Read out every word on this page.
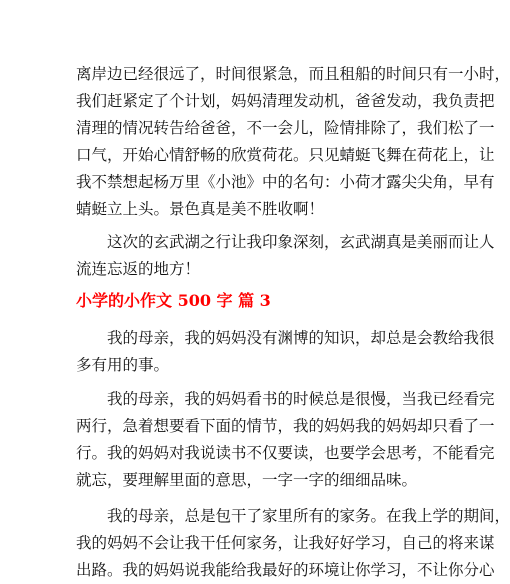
离岸边已经很远了，时间很紧急，而且租船的时间只有一小时，
我们赶紧定了个计划，妈妈清理发动机，爸爸发动，我负责把
清理的情况转告给爸爸，不一会儿，险情排除了，我们松了一
口气，开始心情舒畅的欣赏荷花。只见蜻蜓飞舞在荷花上，让
我不禁想起杨万里《小池》中的名句：小荷才露尖尖角，早有
蜻蜓立上头。景色真是美不胜收啊！
　　这次的玄武湖之行让我印象深刻，玄武湖真是美丽而让人
流连忘返的地方！
小学的小作文 500 字 篇 3
　　我的母亲，我的妈妈没有渊博的知识，却总是会教给我很
多有用的事。
　　我的母亲，我的妈妈看书的时候总是很慢，当我已经看完
两行，急着想要看下面的情节，我的妈妈我的妈妈却只看了一
行。我的妈妈对我说读书不仅要读，也要学会思考，不能看完
就忘，要理解里面的意思，一字一字的细细品味。
　　我的母亲，总是包干了家里所有的家务。在我上学的期间，
我的妈妈不会让我干任何家务，让我好好学习，自己的将来谋
出路。我的妈妈说我能给我最好的环境让你学习，不让你分心
